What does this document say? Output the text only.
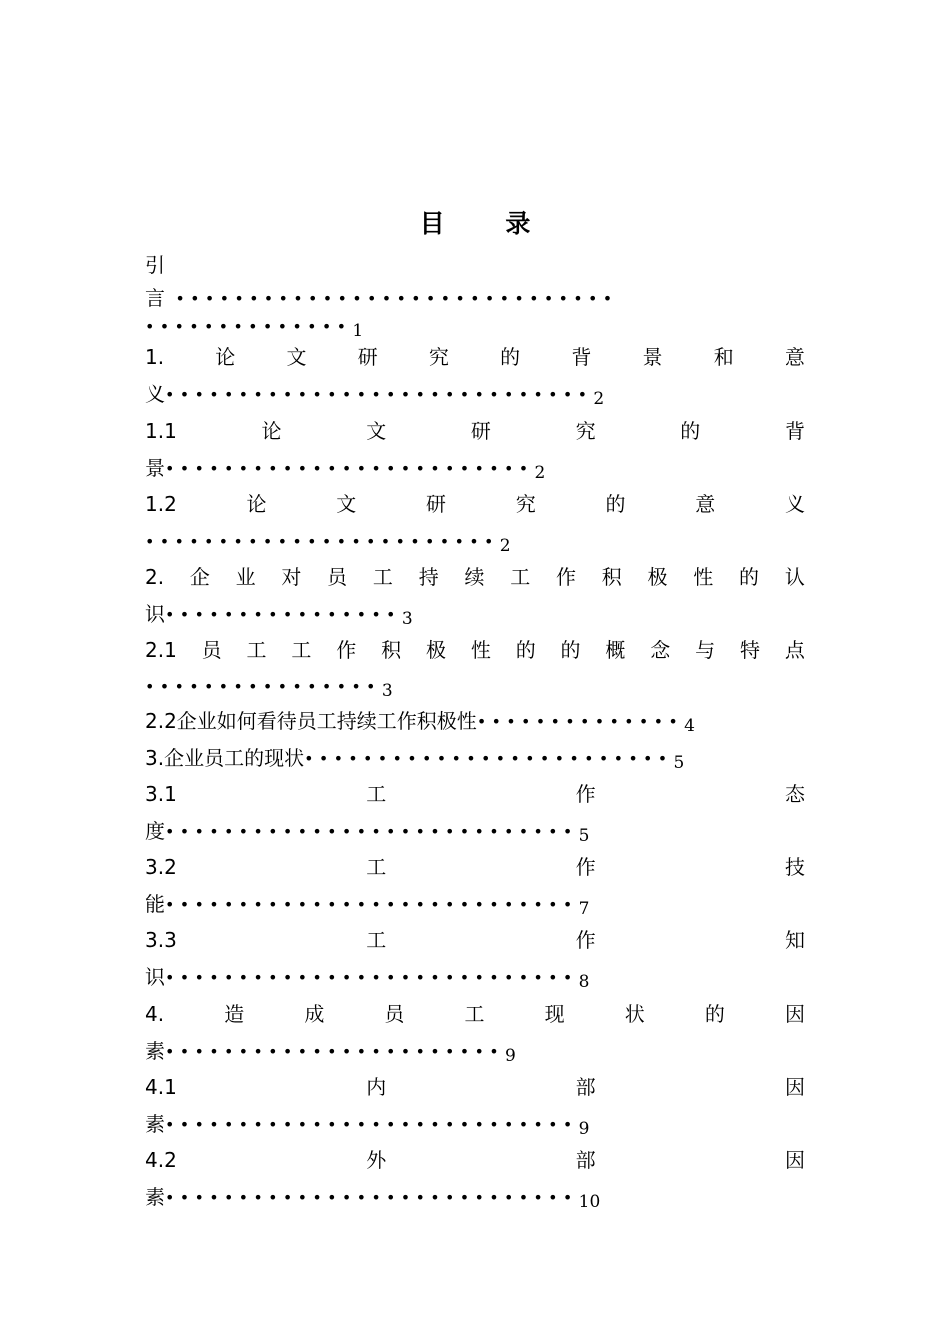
目 录
引
言 ••••••••••••••••••••••••••••••
••••••••••••••1
1.	论	文	研	究	的	背	景	和	意
义•••••••••••••••••••••••••••••2
1.1	论	文	研	究	的	背
景•••••••••••••••••••••••••2
1.2	论	文	研	究	的	意	义
••••••••••••••••••••••••2
2. 企 业 对 员 工 持 续 工 作 积 极 性 的 认
识••••••••••••••••3
2.1 员 工 工 作 积 极 性 的 的 概 念 与 特 点
••••••••••••••••3
2.2企业如何看待员工持续工作积极性••••••••••••••4
3.企业员工的现状•••••••••••••••••••••••••5
3.1	工	作	态
度••••••••••••••••••••••••••••5
3.2	工	作	技
能••••••••••••••••••••••••••••7
3.3	工	作	知
识••••••••••••••••••••••••••••8
4.	造	成	员	工	现	状	的	因
素•••••••••••••••••••••••9
4.1	内	部	因
素••••••••••••••••••••••••••••9
4.2	外	部	因
素••••••••••••••••••••••••••••10
